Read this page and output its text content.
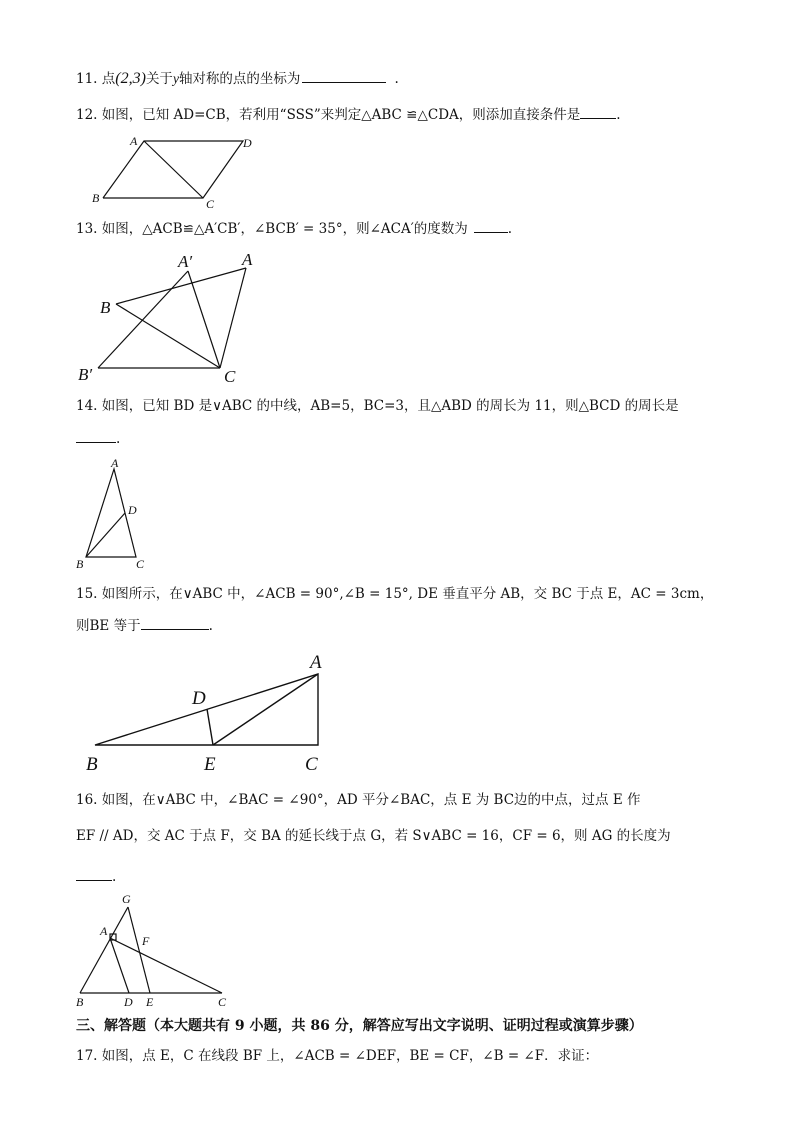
11. 点(2,3)关于y轴对称的点的坐标为	.
12. 如图，已知 AD=CB，若利用“SSS”来判定△ABC ≌△CDA，则添加直接条件是	.
A	D
B	C
13. 如图，△ACB≌△A′CB′，∠BCB′ = 35°，则∠ACA′的度数为	.
A′	A
B
B′	C
14. 如图，已知 BD 是∨ABC 的中线，AB=5，BC=3，且△ABD 的周长为 11，则△BCD 的周长是
.
A
D
B	C
15. 如图所示，在∨ABC 中，∠ACB = 90°,∠B = 15°, DE 垂直平分 AB，交 BC 于点 E，AC = 3cm，
则BE 等于	.
A
D
B	E	C
16. 如图，在∨ABC 中，∠BAC = ∠90°，AD 平分∠BAC，点 E 为 BC边的中点，过点 E 作
EF // AD，交 AC 于点 F，交 BA 的延长线于点 G，若 S∨ABC = 16，CF = 6，则 AG 的长度为
.
G
A
F
B	D E	C
三、解答题（本大题共有 9 小题，共 86 分，解答应写出文字说明、证明过程或演算步骤）
17. 如图，点 E，C 在线段 BF 上，∠ACB = ∠DEF，BE = CF，∠B = ∠F．求证：
